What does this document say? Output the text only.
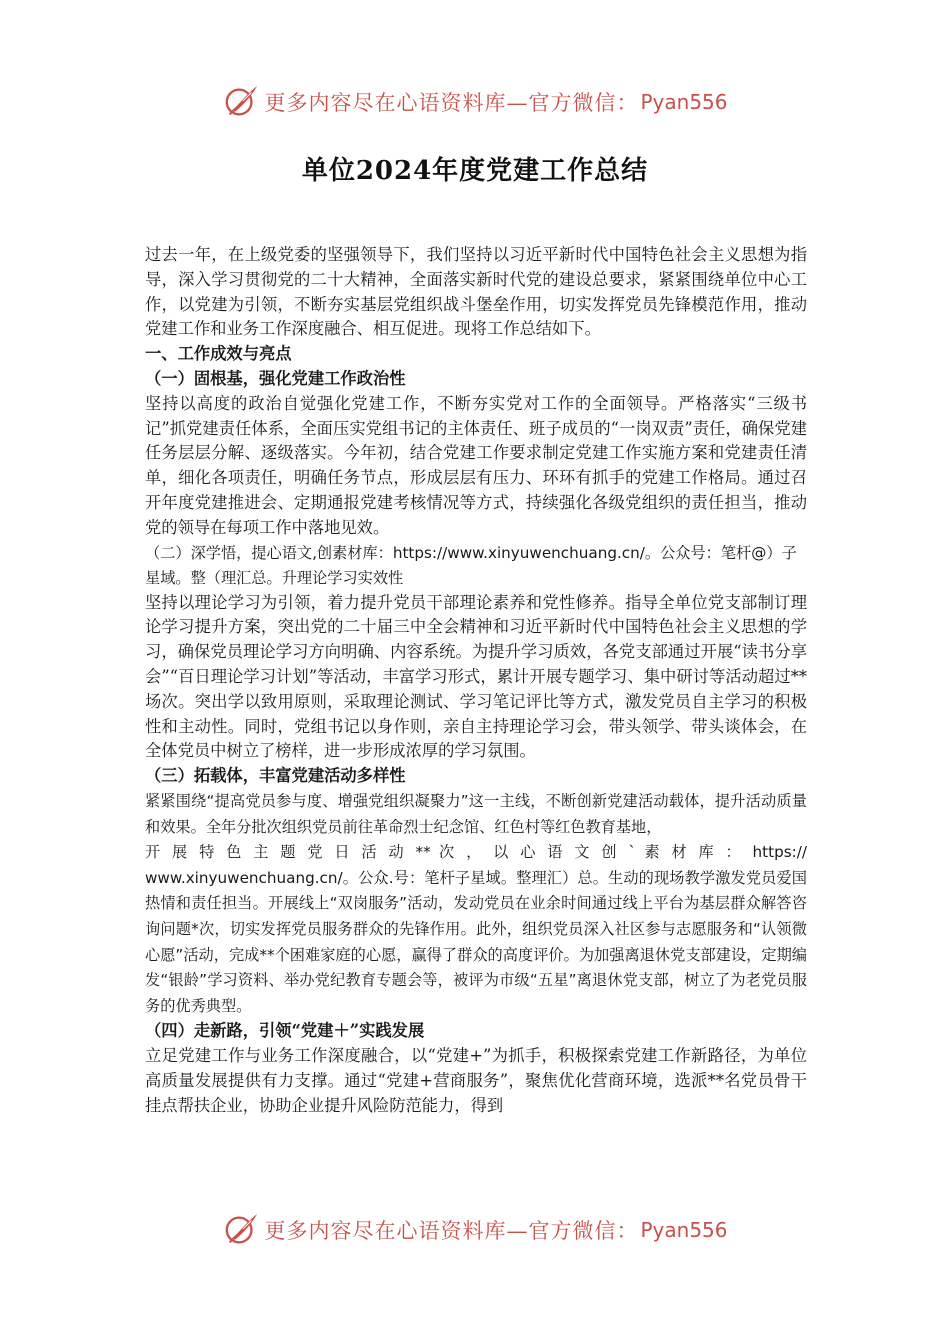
更多内容尽在心语资料库—官方微信： Pyan556
单位2024年度党建工作总结

过去一年，在上级党委的坚强领导下，我们坚持以习近平新时代中国特色社会主义思想为指导，深入学习贯彻党的二十大精神，全面落实新时代党的建设总要求，紧紧围绕单位中心工作，以党建为引领，不断夯实基层党组织战斗堡垒作用，切实发挥党员先锋模范作用，推动党建工作和业务工作深度融合、相互促进。现将工作总结如下。

一、工作成效与亮点

（一）固根基，强化党建工作政治性

坚持以高度的政治自觉强化党建工作，不断夯实党对工作的全面领导。严格落实“三级书记”抓党建责任体系，全面压实党组书记的主体责任、班子成员的“一岗双责”责任，确保党建任务层层分解、逐级落实。今年初，结合党建工作要求制定党建工作实施方案和党建责任清单，细化各项责任，明确任务节点，形成层层有压力、环环有抓手的党建工作格局。通过召开年度党建推进会、定期通报党建考核情况等方式，持续强化各级党组织的责任担当，推动党的领导在每项工作中落地见效。

（二）深学悟，提心语文,创素材库：https://www.xinyuwenchuang.cn/。公众号：笔杆@）子星域。整（理汇总。升理论学习实效性

坚持以理论学习为引领，着力提升党员干部理论素养和党性修养。指导全单位党支部制订理论学习提升方案，突出党的二十届三中全会精神和习近平新时代中国特色社会主义思想的学习，确保党员理论学习方向明确、内容系统。为提升学习质效，各党支部通过开展“读书分享会”“百日理论学习计划”等活动，丰富学习形式，累计开展专题学习、集中研讨等活动超过**场次。突出学以致用原则，采取理论测试、学习笔记评比等方式，激发党员自主学习的积极性和主动性。同时，党组书记以身作则，亲自主持理论学习会，带头领学、带头谈体会，在全体党员中树立了榜样，进一步形成浓厚的学习氛围。

（三）拓载体，丰富党建活动多样性

紧紧围绕“提高党员参与度、增强党组织凝聚力”这一主线，不断创新党建活动载体，提升活动质量和效果。全年分批次组织党员前往革命烈士纪念馆、红色村等红色教育基地，

开 展 特 色 主 题 党 日 活 动 ** 次 ， 以 心 语 文 创 ` 素 材 库 ： https://

www.xinyuwenchuang.cn/。公众.号：笔杆子星域。整理汇）总。生动的现场教学激发党员爱国热情和责任担当。开展线上“双岗服务”活动，发动党员在业余时间通过线上平台为基层群众解答咨询问题*次，切实发挥党员服务群众的先锋作用。此外，组织党员深入社区参与志愿服务和“认领微心愿”活动，完成**个困难家庭的心愿，赢得了群众的高度评价。为加强离退休党支部建设，定期编发“银龄”学习资料、举办党纪教育专题会等，被评为市级“五星”离退休党支部，树立了为老党员服务的优秀典型。

（四）走新路，引领“党建＋”实践发展

立足党建工作与业务工作深度融合，以“党建+”为抓手，积极探索党建工作新路径，为单位高质量发展提供有力支撑。通过“党建+营商服务”，聚焦优化营商环境，选派**名党员骨干挂点帮扶企业，协助企业提升风险防范能力，得到

更多内容尽在心语资料库—官方微信： Pyan556
